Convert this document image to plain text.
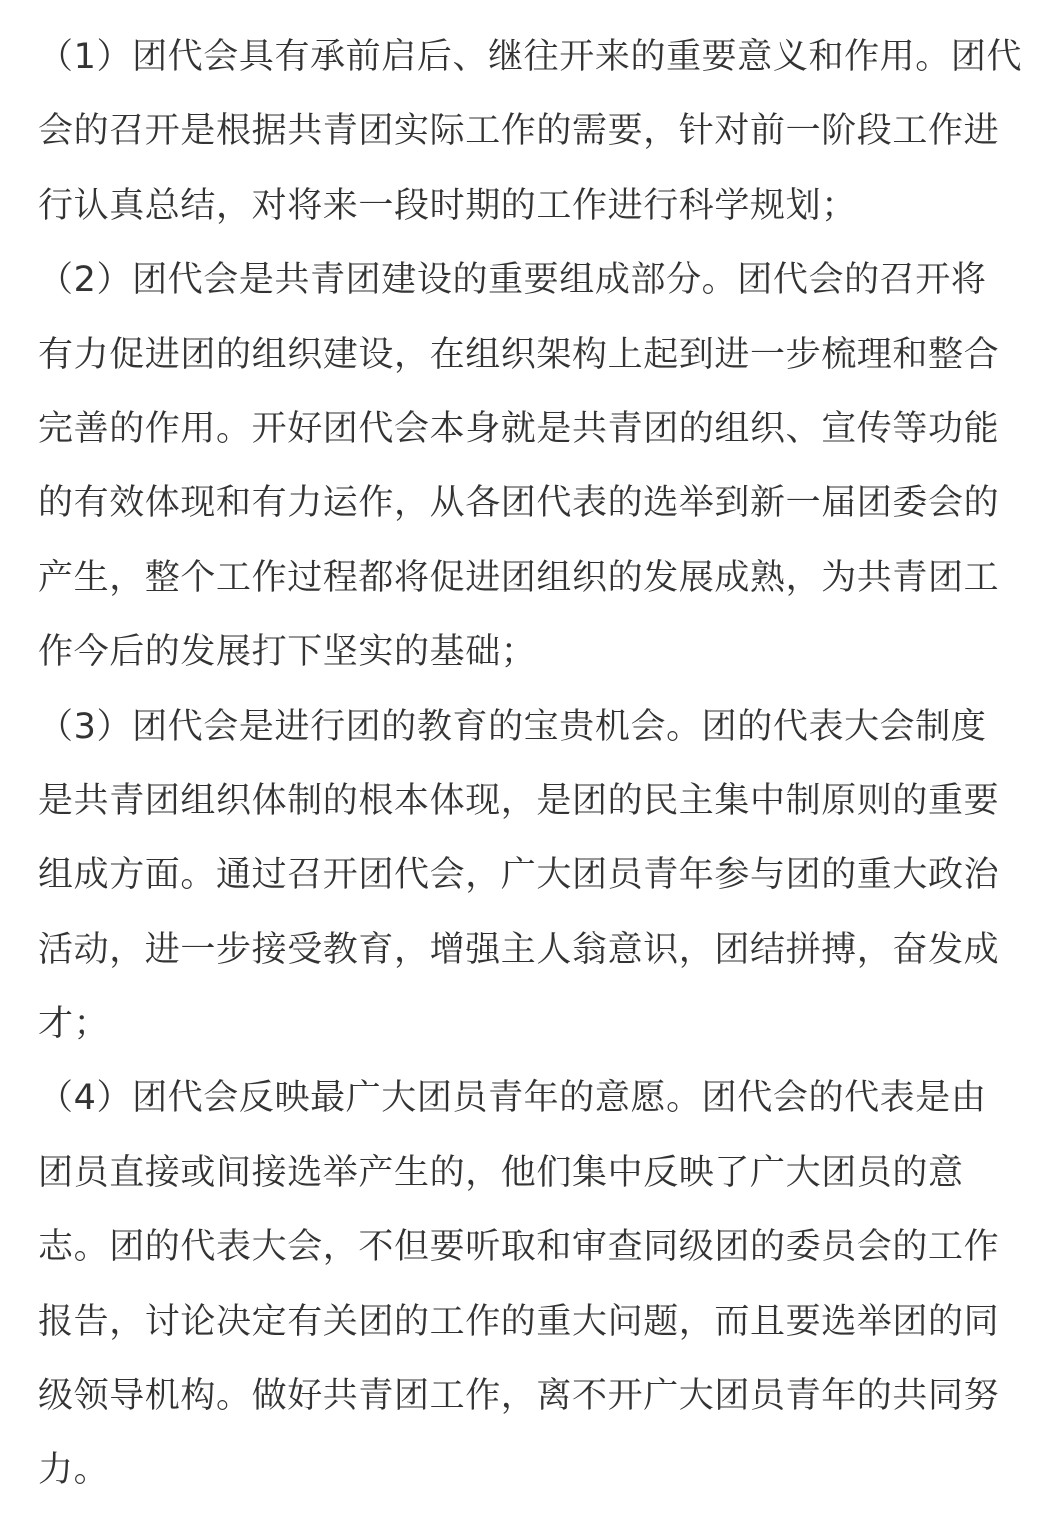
（1）团代会具有承前启后、继往开来的重要意义和作用。团代
会的召开是根据共青团实际工作的需要，针对前一阶段工作进
行认真总结，对将来一段时期的工作进行科学规划；
（2）团代会是共青团建设的重要组成部分。团代会的召开将
有力促进团的组织建设，在组织架构上起到进一步梳理和整合
完善的作用。开好团代会本身就是共青团的组织、宣传等功能
的有效体现和有力运作，从各团代表的选举到新一届团委会的
产生，整个工作过程都将促进团组织的发展成熟，为共青团工
作今后的发展打下坚实的基础；
（3）团代会是进行团的教育的宝贵机会。团的代表大会制度
是共青团组织体制的根本体现，是团的民主集中制原则的重要
组成方面。通过召开团代会，广大团员青年参与团的重大政治
活动，进一步接受教育，增强主人翁意识，团结拼搏，奋发成
才；
（4）团代会反映最广大团员青年的意愿。团代会的代表是由
团员直接或间接选举产生的，他们集中反映了广大团员的意
志。团的代表大会，不但要听取和审查同级团的委员会的工作
报告，讨论决定有关团的工作的重大问题，而且要选举团的同
级领导机构。做好共青团工作，离不开广大团员青年的共同努
力。
